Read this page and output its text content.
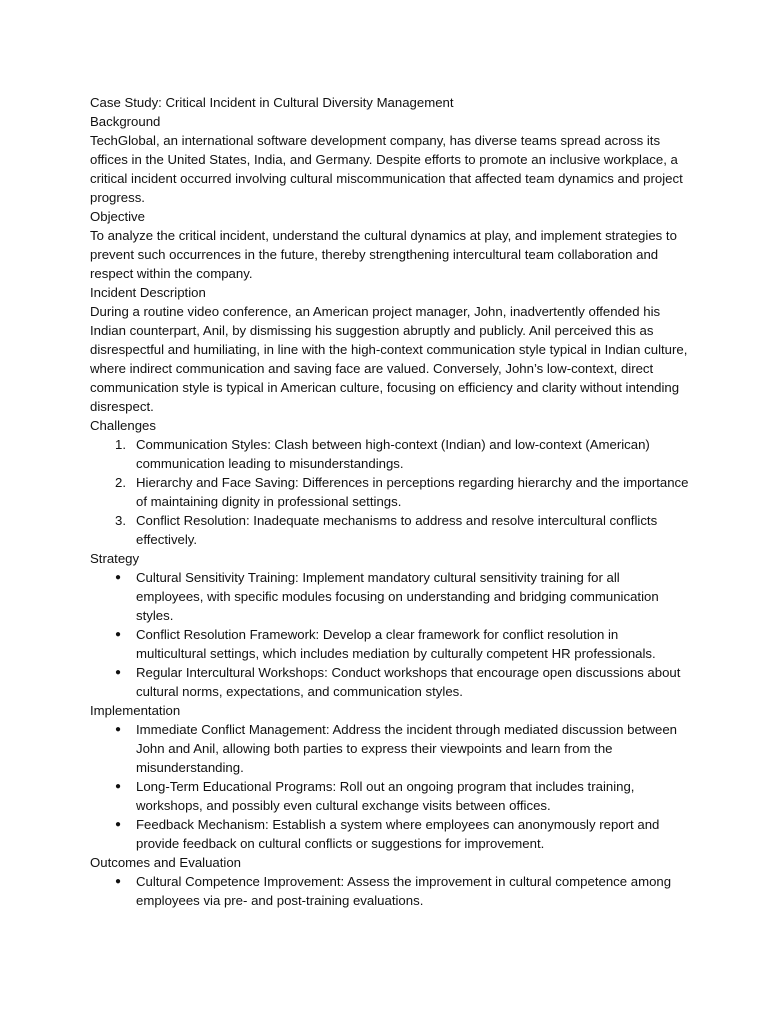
Case Study: Critical Incident in Cultural Diversity Management

Background

TechGlobal, an international software development company, has diverse teams spread across its offices in the United States, India, and Germany. Despite efforts to promote an inclusive workplace, a critical incident occurred involving cultural miscommunication that affected team dynamics and project progress.

Objective

To analyze the critical incident, understand the cultural dynamics at play, and implement strategies to prevent such occurrences in the future, thereby strengthening intercultural team collaboration and respect within the company.

Incident Description

During a routine video conference, an American project manager, John, inadvertently offended his Indian counterpart, Anil, by dismissing his suggestion abruptly and publicly. Anil perceived this as disrespectful and humiliating, in line with the high-context communication style typical in Indian culture, where indirect communication and saving face are valued. Conversely, John’s low-context, direct communication style is typical in American culture, focusing on efficiency and clarity without intending disrespect.

Challenges

1. Communication Styles: Clash between high-context (Indian) and low-context (American) communication leading to misunderstandings.
2. Hierarchy and Face Saving: Differences in perceptions regarding hierarchy and the importance of maintaining dignity in professional settings.
3. Conflict Resolution: Inadequate mechanisms to address and resolve intercultural conflicts effectively.

Strategy

● Cultural Sensitivity Training: Implement mandatory cultural sensitivity training for all employees, with specific modules focusing on understanding and bridging communication styles.
● Conflict Resolution Framework: Develop a clear framework for conflict resolution in multicultural settings, which includes mediation by culturally competent HR professionals.
● Regular Intercultural Workshops: Conduct workshops that encourage open discussions about cultural norms, expectations, and communication styles.

Implementation

● Immediate Conflict Management: Address the incident through mediated discussion between John and Anil, allowing both parties to express their viewpoints and learn from the misunderstanding.
● Long-Term Educational Programs: Roll out an ongoing program that includes training, workshops, and possibly even cultural exchange visits between offices.
● Feedback Mechanism: Establish a system where employees can anonymously report and provide feedback on cultural conflicts or suggestions for improvement.

Outcomes and Evaluation

● Cultural Competence Improvement: Assess the improvement in cultural competence among employees via pre- and post-training evaluations.
